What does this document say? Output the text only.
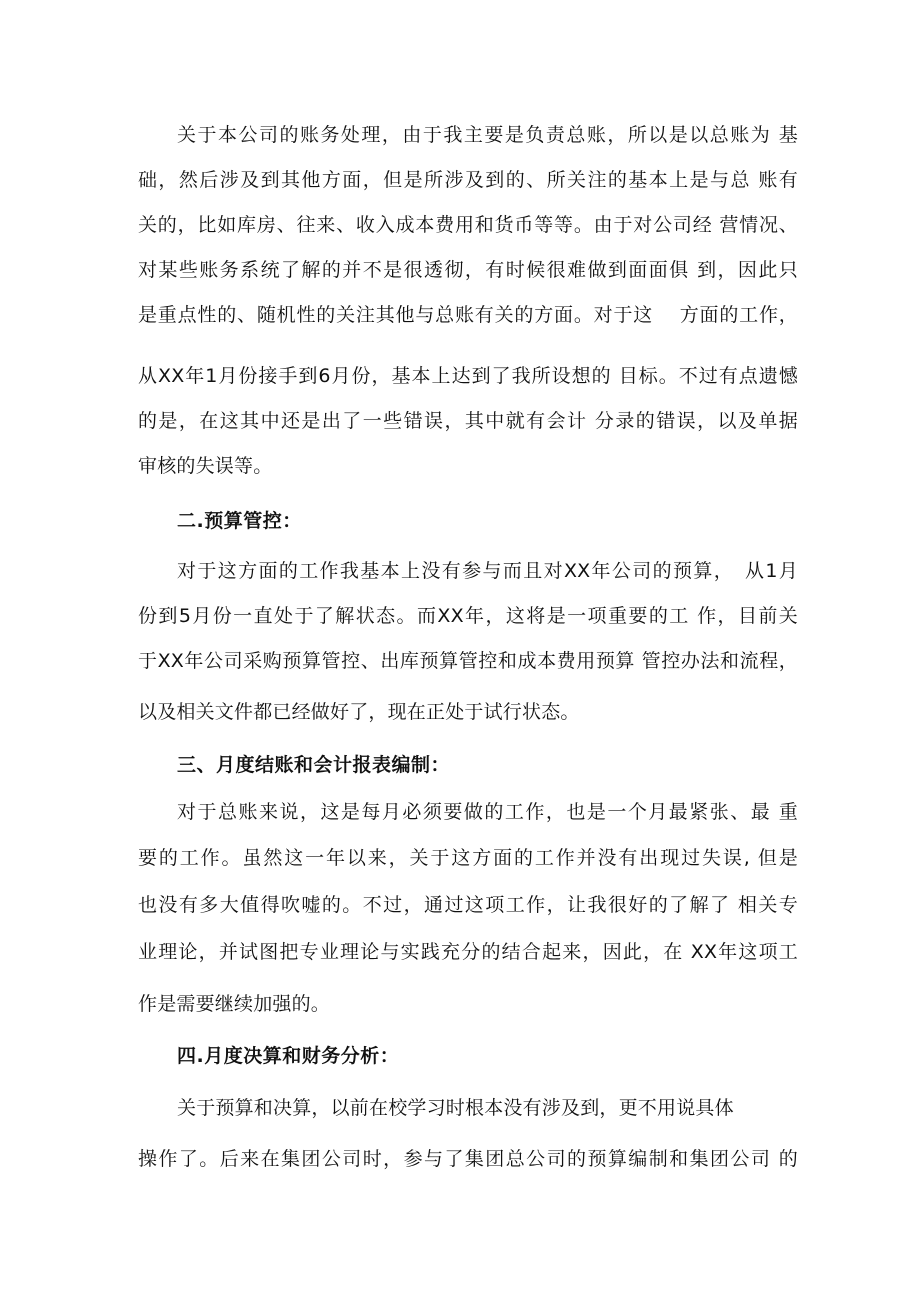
关于本公司的账务处理，由于我主要是负责总账，所以是以总账为 基
础，然后涉及到其他方面，但是所涉及到的、所关注的基本上是与总 账有
关的，比如库房、往来、收入成本费用和货币等等。由于对公司经 营情况、
对某些账务系统了解的并不是很透彻，有时候很难做到面面俱 到，因此只
是重点性的、随机性的关注其他与总账有关的方面。对于这　 方面的工作，
从XX年1月份接手到6月份，基本上达到了我所设想的 目标。不过有点遗憾
的是，在这其中还是出了一些错误，其中就有会计 分录的错误，以及单据
审核的失误等。
二.预算管控：
对于这方面的工作我基本上没有参与而且对XX年公司的预算，　从1月
份到5月份一直处于了解状态。而XX年，这将是一项重要的工 作，目前关
于XX年公司采购预算管控、出库预算管控和成本费用预算 管控办法和流程，
以及相关文件都已经做好了，现在正处于试行状态。
三、月度结账和会计报表编制：
对于总账来说，这是每月必须要做的工作，也是一个月最紧张、最 重
要的工作。虽然这一年以来，关于这方面的工作并没有出现过失误, 但是
也没有多大值得吹嘘的。不过，通过这项工作，让我很好的了解了 相关专
业理论，并试图把专业理论与实践充分的结合起来，因此，在 XX年这项工
作是需要继续加强的。
四.月度决算和财务分析：
关于预算和决算，以前在校学习时根本没有涉及到，更不用说具体
操作了。后来在集团公司时，参与了集团总公司的预算编制和集团公司 的
